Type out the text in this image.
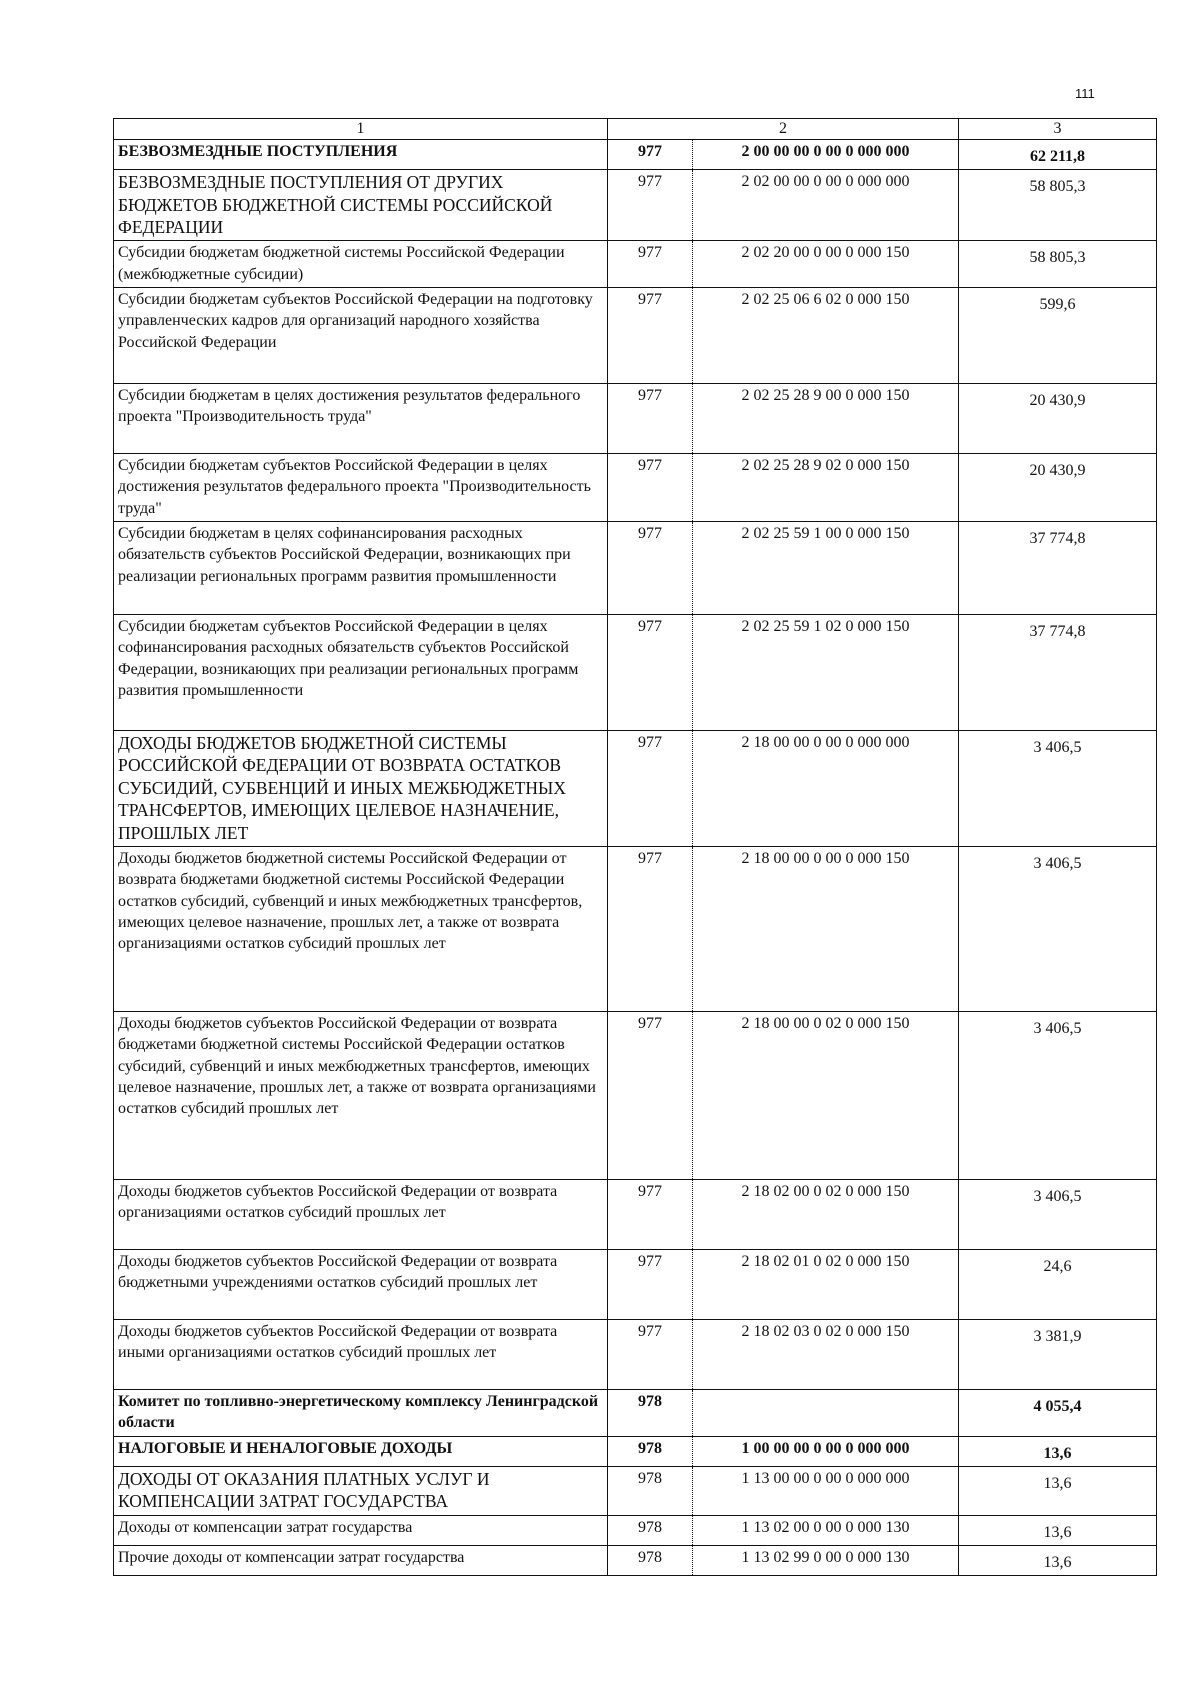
111
1	2		3
БЕЗВОЗМЕЗДНЫЕ ПОСТУПЛЕНИЯ	977	2 00 00 00 0 00 0 000 000	62 211,8
БЕЗВОЗМЕЗДНЫЕ ПОСТУПЛЕНИЯ ОТ ДРУГИХ БЮДЖЕТОВ БЮДЖЕТНОЙ СИСТЕМЫ РОССИЙСКОЙ ФЕДЕРАЦИИ	977	2 02 00 00 0 00 0 000 000	58 805,3
Субсидии бюджетам бюджетной системы Российской Федерации (межбюджетные субсидии)	977	2 02 20 00 0 00 0 000 150	58 805,3
Субсидии бюджетам субъектов Российской Федерации на подготовку управленческих кадров для организаций народного хозяйства Российской Федерации	977	2 02 25 06 6 02 0 000 150	599,6
Субсидии бюджетам в целях достижения результатов федерального проекта "Производительность труда"	977	2 02 25 28 9 00 0 000 150	20 430,9
Субсидии бюджетам субъектов Российской Федерации в целях достижения результатов федерального проекта "Производительность труда"	977	2 02 25 28 9 02 0 000 150	20 430,9
Субсидии бюджетам в целях софинансирования расходных обязательств субъектов Российской Федерации, возникающих при реализации региональных программ развития промышленности	977	2 02 25 59 1 00 0 000 150	37 774,8
Субсидии бюджетам субъектов Российской Федерации в целях софинансирования расходных обязательств субъектов Российской Федерации, возникающих при реализации региональных программ развития промышленности	977	2 02 25 59 1 02 0 000 150	37 774,8
ДОХОДЫ БЮДЖЕТОВ БЮДЖЕТНОЙ СИСТЕМЫ РОССИЙСКОЙ ФЕДЕРАЦИИ ОТ ВОЗВРАТА ОСТАТКОВ СУБСИДИЙ, СУБВЕНЦИЙ И ИНЫХ МЕЖБЮДЖЕТНЫХ ТРАНСФЕРТОВ, ИМЕЮЩИХ ЦЕЛЕВОЕ НАЗНАЧЕНИЕ, ПРОШЛЫХ ЛЕТ	977	2 18 00 00 0 00 0 000 000	3 406,5
Доходы бюджетов бюджетной системы Российской Федерации от возврата бюджетами бюджетной системы Российской Федерации остатков субсидий, субвенций и иных межбюджетных трансфертов, имеющих целевое назначение, прошлых лет, а также от возврата организациями остатков субсидий прошлых лет	977	2 18 00 00 0 00 0 000 150	3 406,5
Доходы бюджетов субъектов Российской Федерации от возврата бюджетами бюджетной системы Российской Федерации остатков субсидий, субвенций и иных межбюджетных трансфертов, имеющих целевое назначение, прошлых лет, а также от возврата организациями остатков субсидий прошлых лет	977	2 18 00 00 0 02 0 000 150	3 406,5
Доходы бюджетов субъектов Российской Федерации от возврата организациями остатков субсидий прошлых лет	977	2 18 02 00 0 02 0 000 150	3 406,5
Доходы бюджетов субъектов Российской Федерации от возврата бюджетными учреждениями остатков субсидий прошлых лет	977	2 18 02 01 0 02 0 000 150	24,6
Доходы бюджетов субъектов Российской Федерации от возврата иными организациями остатков субсидий прошлых лет	977	2 18 02 03 0 02 0 000 150	3 381,9
Комитет по топливно-энергетическому комплексу Ленинградской области	978		4 055,4
НАЛОГОВЫЕ И НЕНАЛОГОВЫЕ ДОХОДЫ	978	1 00 00 00 0 00 0 000 000	13,6
ДОХОДЫ ОТ ОКАЗАНИЯ ПЛАТНЫХ УСЛУГ И КОМПЕНСАЦИИ ЗАТРАТ ГОСУДАРСТВА	978	1 13 00 00 0 00 0 000 000	13,6
Доходы от компенсации затрат государства	978	1 13 02 00 0 00 0 000 130	13,6
Прочие доходы от компенсации затрат государства	978	1 13 02 99 0 00 0 000 130	13,6
